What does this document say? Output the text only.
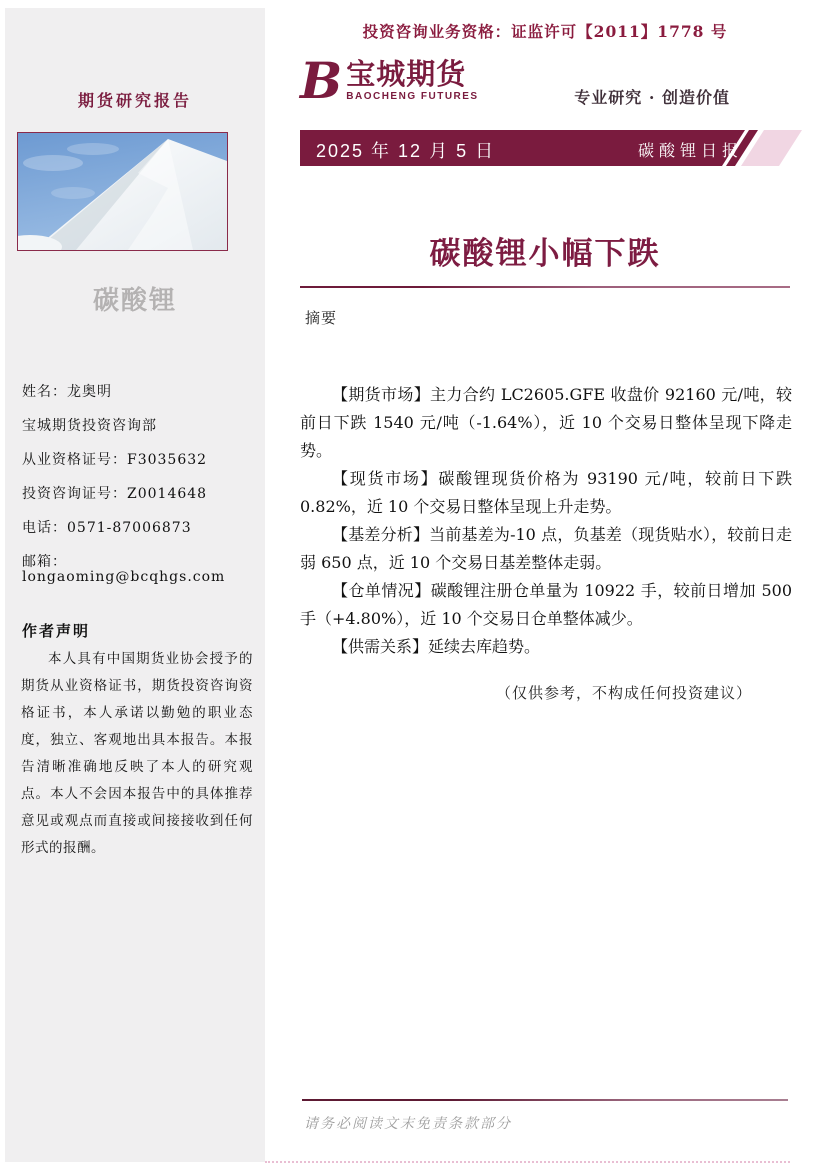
期货研究报告
碳酸锂
姓名：龙奥明
宝城期货投资咨询部
从业资格证号：F3035632
投资咨询证号：Z0014648
电话：0571-87006873
邮箱：longaoming@bcqhgs.com
作者声明
本人具有中国期货业协会授予的期货从业资格证书，期货投资咨询资格证书，本人承诺以勤勉的职业态度，独立、客观地出具本报告。本报告清晰准确地反映了本人的研究观点。本人不会因本报告中的具体推荐意见或观点而直接或间接接收到任何形式的报酬。
投资咨询业务资格：证监许可【2011】1778 号
B 宝城期货
BAOCHENG FUTURES	专业研究 · 创造价值
2025 年 12 月 5 日	碳酸锂日报
碳酸锂小幅下跌
摘要

【期货市场】主力合约 LC2605.GFE 收盘价 92160 元/吨，较前日下跌 1540 元/吨（-1.64%），近 10 个交易日整体呈现下降走势。

【现货市场】碳酸锂现货价格为 93190 元/吨，较前日下跌 0.82%，近 10 个交易日整体呈现上升走势。

【基差分析】当前基差为-10 点，负基差（现货贴水），较前日走弱 650 点，近 10 个交易日基差整体走弱。

【仓单情况】碳酸锂注册仓单量为 10922 手，较前日增加 500 手（+4.80%），近 10 个交易日仓单整体减少。

【供需关系】延续去库趋势。

（仅供参考，不构成任何投资建议）
请务必阅读文末免责条款部分
